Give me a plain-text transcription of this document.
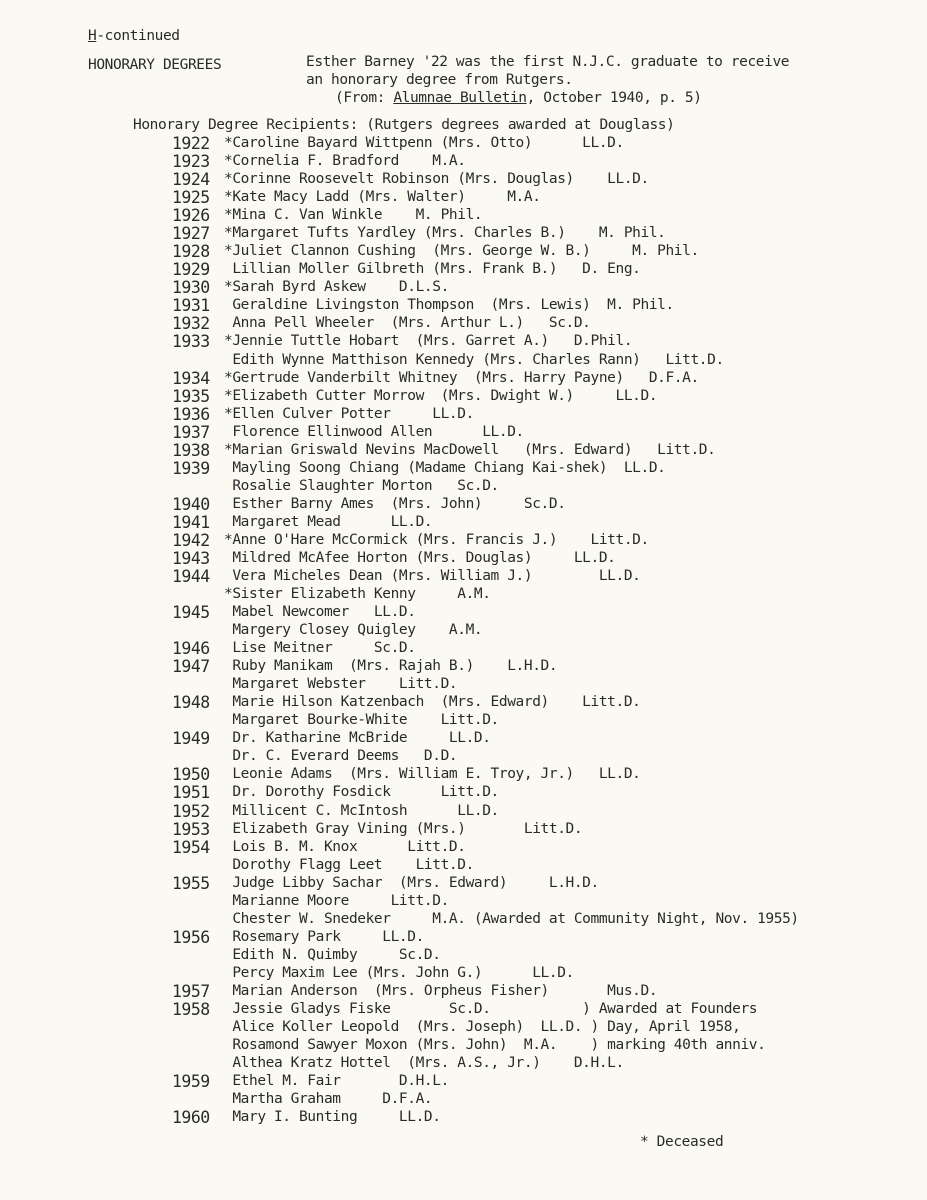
H-continued
HONORARY DEGREES	Esther Barney '22 was the first N.J.C. graduate to receive
an honorary degree from Rutgers.
(From: Alumnae Bulletin, October 1940, p. 5)
Honorary Degree Recipients: (Rutgers degrees awarded at Douglass)
1922 *Caroline Bayard Wittpenn (Mrs. Otto)      LL.D.
1923 *Cornelia F. Bradford    M.A.
1924 *Corinne Roosevelt Robinson (Mrs. Douglas)    LL.D.
1925 *Kate Macy Ladd (Mrs. Walter)     M.A.
1926 *Mina C. Van Winkle    M. Phil.
1927 *Margaret Tufts Yardley (Mrs. Charles B.)    M. Phil.
1928 *Juliet Clannon Cushing  (Mrs. George W. B.)     M. Phil.
1929 Lillian Moller Gilbreth (Mrs. Frank B.)   D. Eng.
1930 *Sarah Byrd Askew    D.L.S.
1931 Geraldine Livingston Thompson  (Mrs. Lewis)  M. Phil.
1932 Anna Pell Wheeler  (Mrs. Arthur L.)   Sc.D.
1933 *Jennie Tuttle Hobart  (Mrs. Garret A.)   D.Phil.
Edith Wynne Matthison Kennedy (Mrs. Charles Rann)   Litt.D.
1934 *Gertrude Vanderbilt Whitney  (Mrs. Harry Payne)   D.F.A.
1935 *Elizabeth Cutter Morrow  (Mrs. Dwight W.)     LL.D.
1936 *Ellen Culver Potter     LL.D.
1937 Florence Ellinwood Allen      LL.D.
1938 *Marian Griswald Nevins MacDowell   (Mrs. Edward)   Litt.D.
1939 Mayling Soong Chiang (Madame Chiang Kai-shek)  LL.D.
Rosalie Slaughter Morton   Sc.D.
1940 Esther Barny Ames  (Mrs. John)     Sc.D.
1941 Margaret Mead      LL.D.
1942 *Anne O'Hare McCormick (Mrs. Francis J.)    Litt.D.
1943 Mildred McAfee Horton (Mrs. Douglas)     LL.D.
1944 Vera Micheles Dean (Mrs. William J.)        LL.D.
*Sister Elizabeth Kenny     A.M.
1945 Mabel Newcomer   LL.D.
Margery Closey Quigley    A.M.
1946 Lise Meitner     Sc.D.
1947 Ruby Manikam  (Mrs. Rajah B.)    L.H.D.
Margaret Webster    Litt.D.
1948 Marie Hilson Katzenbach  (Mrs. Edward)    Litt.D.
Margaret Bourke-White    Litt.D.
1949 Dr. Katharine McBride     LL.D.
Dr. C. Everard Deems   D.D.
1950 Leonie Adams  (Mrs. William E. Troy, Jr.)   LL.D.
1951 Dr. Dorothy Fosdick      Litt.D.
1952 Millicent C. McIntosh      LL.D.
1953 Elizabeth Gray Vining (Mrs.)       Litt.D.
1954 Lois B. M. Knox      Litt.D.
Dorothy Flagg Leet    Litt.D.
1955 Judge Libby Sachar  (Mrs. Edward)     L.H.D.
Marianne Moore     Litt.D.
Chester W. Snedeker     M.A. (Awarded at Community Night, Nov. 1955)
1956 Rosemary Park     LL.D.
Edith N. Quimby     Sc.D.
Percy Maxim Lee (Mrs. John G.)      LL.D.
1957 Marian Anderson  (Mrs. Orpheus Fisher)       Mus.D.
1958 Jessie Gladys Fiske       Sc.D.           ) Awarded at Founders
Alice Koller Leopold  (Mrs. Joseph)  LL.D. ) Day, April 1958,
Rosamond Sawyer Moxon (Mrs. John)  M.A.    ) marking 40th anniv.
Althea Kratz Hottel  (Mrs. A.S., Jr.)    D.H.L.
1959 Ethel M. Fair       D.H.L.
Martha Graham     D.F.A.
1960 Mary I. Bunting     LL.D.
* Deceased
